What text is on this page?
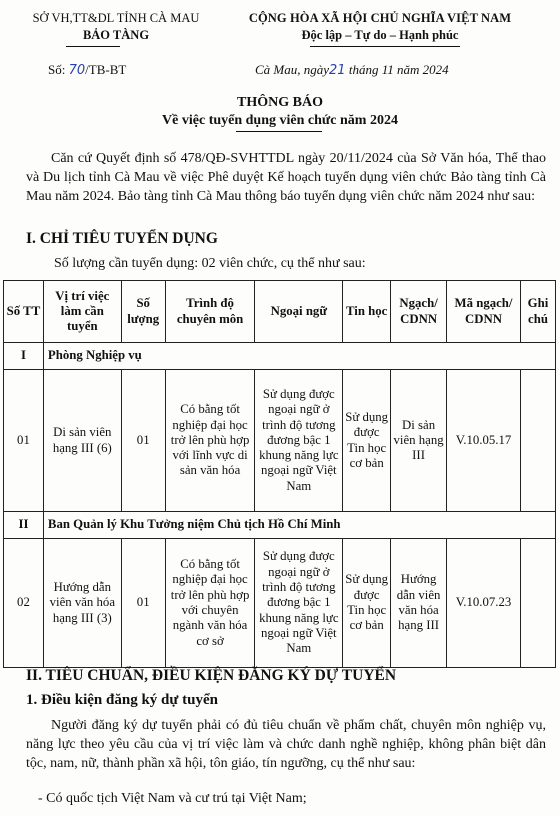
SỞ VH,TT&DL TỈNH CÀ MAU
BẢO TÀNG
CỘNG HÒA XÃ HỘI CHỦ NGHĨA VIỆT NAM
Độc lập – Tự do – Hạnh phúc
Số: 70/TB-BT	Cà Mau, ngày21 tháng 11 năm 2024
THÔNG BÁO
Về việc tuyển dụng viên chức năm 2024
Căn cứ Quyết định số 478/QĐ-SVHTTDL ngày 20/11/2024 của Sở Văn hóa, Thể thao và Du lịch tỉnh Cà Mau về việc Phê duyệt Kế hoạch tuyển dụng viên chức Bảo tàng tỉnh Cà Mau năm 2024. Bảo tàng tỉnh Cà Mau thông báo tuyển dụng viên chức năm 2024 như sau:
I. CHỈ TIÊU TUYỂN DỤNG
Số lượng cần tuyển dụng: 02 viên chức, cụ thể như sau:
Số TT	Vị trí việc làm cần tuyển	Số lượng	Trình độ chuyên môn	Ngoại ngữ	Tin học	Ngạch/ CDNN	Mã ngạch/ CDNN	Ghi chú
I	Phòng Nghiệp vụ							
01	Di sản viên hạng III (6)	01	Có bằng tốt nghiệp đại học trở lên phù hợp với lĩnh vực di sản văn hóa	Sử dụng được ngoại ngữ ở trình độ tương đương bậc 1 khung năng lực ngoại ngữ Việt Nam	Sử dụng được Tin học cơ bản	Di sản viên hạng III	V.10.05.17	
II	Ban Quản lý Khu Tưởng niệm Chủ tịch Hồ Chí Minh							
02	Hướng dẫn viên văn hóa hạng III (3)	01	Có bằng tốt nghiệp đại học trở lên phù hợp với chuyên ngành văn hóa cơ sở	Sử dụng được ngoại ngữ ở trình độ tương đương bậc 1 khung năng lực ngoại ngữ Việt Nam	Sử dụng được Tin học cơ bản	Hướng dẫn viên văn hóa hạng III	V.10.07.23	
II. TIÊU CHUẨN, ĐIỀU KIỆN ĐĂNG KÝ DỰ TUYỂN
1. Điều kiện đăng ký dự tuyển
Người đăng ký dự tuyển phải có đủ tiêu chuẩn về phẩm chất, chuyên môn nghiệp vụ, năng lực theo yêu cầu của vị trí việc làm và chức danh nghề nghiệp, không phân biệt dân tộc, nam, nữ, thành phần xã hội, tôn giáo, tín ngưỡng, cụ thể như sau:
- Có quốc tịch Việt Nam và cư trú tại Việt Nam;
